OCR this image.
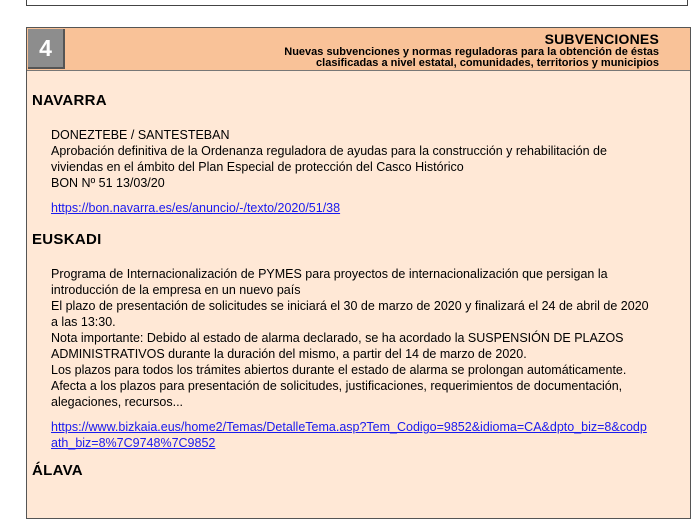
4	SUBVENCIONES
Nuevas subvenciones y normas reguladoras para la obtención de éstas clasificadas a nivel estatal, comunidades, territorios y municipios
NAVARRA

DONEZTEBE / SANTESTEBAN

Aprobación definitiva de la Ordenanza reguladora de ayudas para la construcción y rehabilitación de viviendas en el ámbito del Plan Especial de protección del Casco Histórico

BON Nº 51 13/03/20

https://bon.navarra.es/es/anuncio/-/texto/2020/51/38
EUSKADI

Programa de Internacionalización de PYMES para proyectos de internacionalización que persigan la introducción de la empresa en un nuevo país

El plazo de presentación de solicitudes se iniciará el 30 de marzo de 2020 y finalizará el 24 de abril de 2020 a las 13:30.

Nota importante: Debido al estado de alarma declarado, se ha acordado la SUSPENSIÓN DE PLAZOS ADMINISTRATIVOS durante la duración del mismo, a partir del 14 de marzo de 2020.

Los plazos para todos los trámites abiertos durante el estado de alarma se prolongan automáticamente.

Afecta a los plazos para presentación de solicitudes, justificaciones, requerimientos de documentación, alegaciones, recursos...

https://www.bizkaia.eus/home2/Temas/DetalleTema.asp?Tem_Codigo=9852&idioma=CA&dpto_biz=8&codpath_biz=8%7C9748%7C9852
ÁLAVA
